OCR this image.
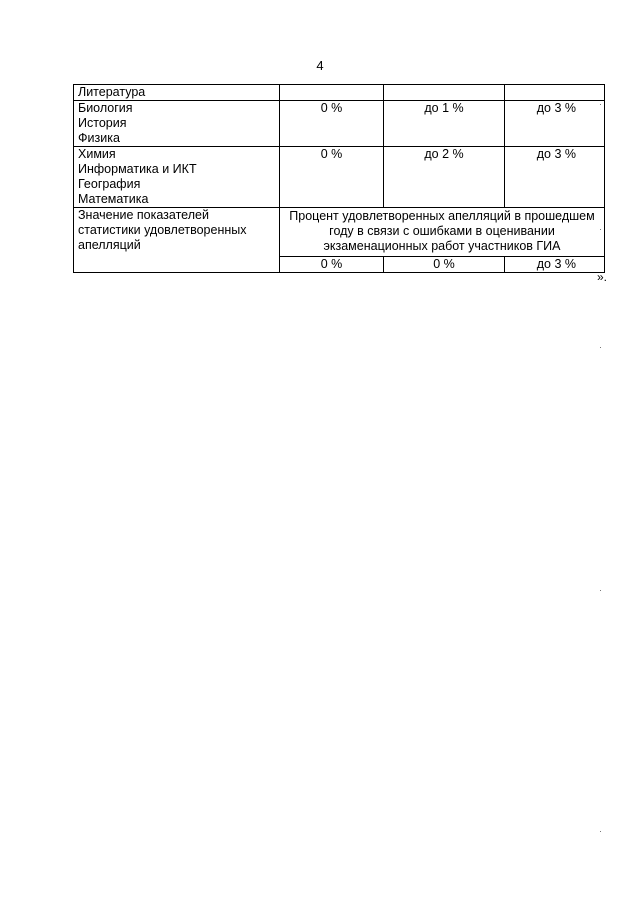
4
Литература			

Биология
История
Физика	0 %	до 1 %	до 3 %

Химия
Информатика и ИКТ
География
Математика	0 %	до 2 %	до 3 %
Значение показателей статистики удовлетворенных апелляций	Процент удовлетворенных апелляций в прошедшем году в связи с ошибками в оценивании экзаменационных работ участников ГИА		
	0 %	0 %	до 3 %
».
